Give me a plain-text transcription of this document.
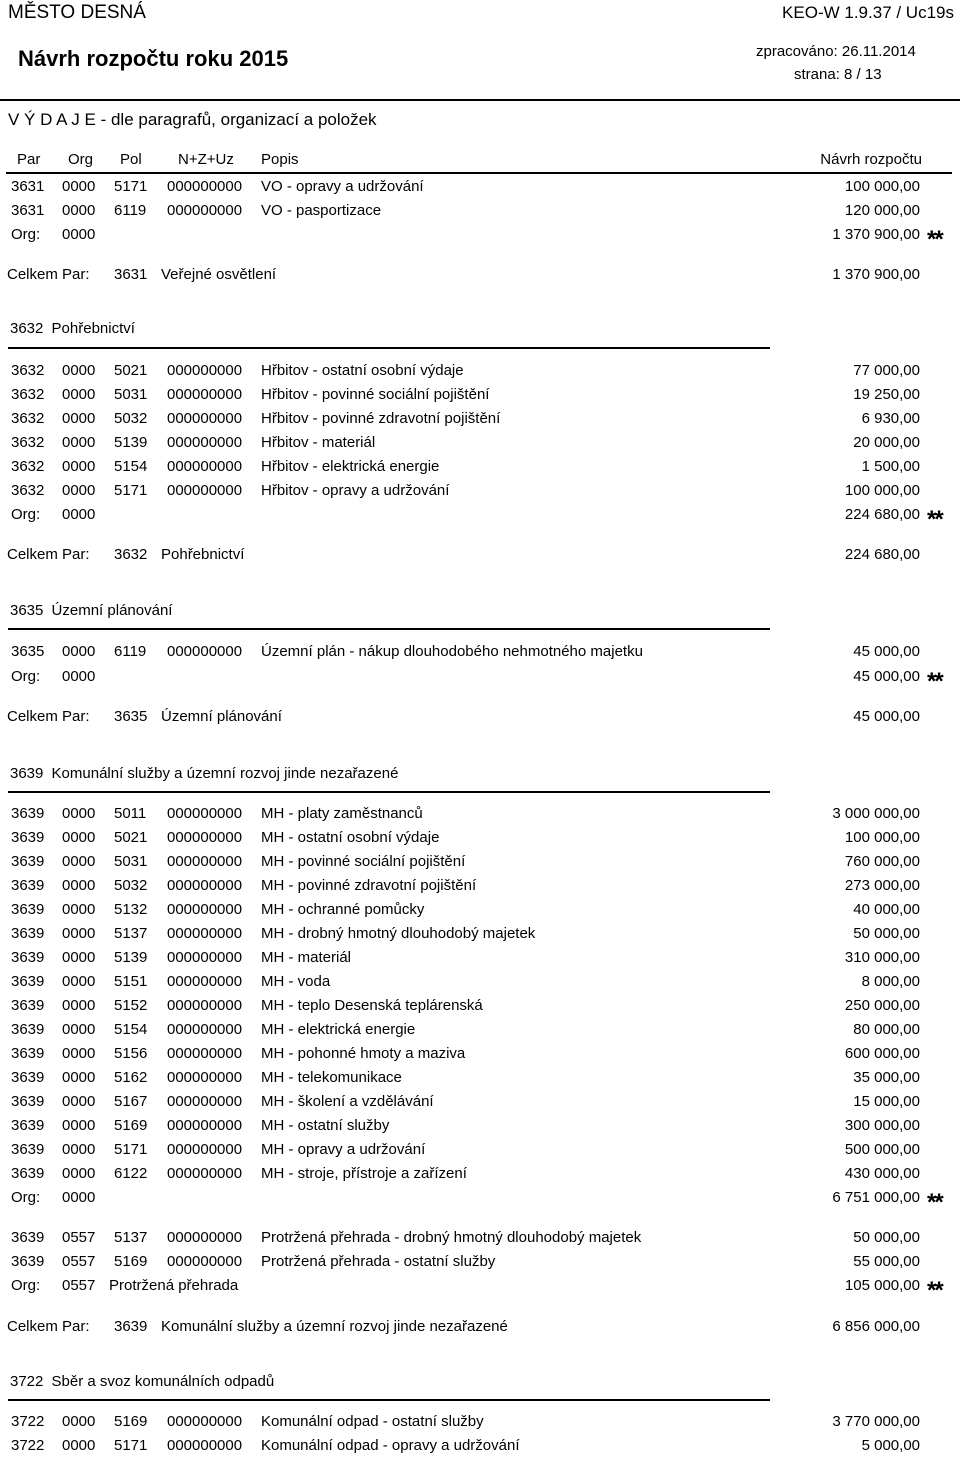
MĚSTO DESNÁ	KEO-W 1.9.37 / Uc19s
Návrh rozpočtu roku 2015	zpracováno: 26.11.2014
strana: 8 / 13
V Ý D A J E - dle paragrafů, organizací a položek
Par Org Pol N+Z+Uz Popis	Návrh rozpočtu
3631 0000 5171 000000000 VO - opravy a udržování	100 000,00
3631 0000 6119 000000000 VO - pasportizace	120 000,00
Org: 0000	1 370 900,00 **
Celkem Par: 3631 Veřejné osvětlení	1 370 900,00
3632 Pohřebnictví
3632 0000 5021 000000000 Hřbitov - ostatní osobní výdaje	77 000,00
3632 0000 5031 000000000 Hřbitov - povinné sociální pojištění	19 250,00
3632 0000 5032 000000000 Hřbitov - povinné zdravotní pojištění	6 930,00
3632 0000 5139 000000000 Hřbitov - materiál	20 000,00
3632 0000 5154 000000000 Hřbitov - elektrická energie	1 500,00
3632 0000 5171 000000000 Hřbitov - opravy a udržování	100 000,00
Org: 0000	224 680,00 **
Celkem Par: 3632 Pohřebnictví	224 680,00
3635 Územní plánování
3635 0000 6119 000000000 Územní plán - nákup dlouhodobého nehmotného majetku	45 000,00
Org: 0000	45 000,00 **
Celkem Par: 3635 Územní plánování	45 000,00
3639 Komunální služby a územní rozvoj jinde nezařazené
3639 0000 5011 000000000 MH - platy zaměstnanců	3 000 000,00
3639 0000 5021 000000000 MH - ostatní osobní výdaje	100 000,00
3639 0000 5031 000000000 MH - povinné sociální pojištění	760 000,00
3639 0000 5032 000000000 MH - povinné zdravotní pojištění	273 000,00
3639 0000 5132 000000000 MH - ochranné pomůcky	40 000,00
3639 0000 5137 000000000 MH - drobný hmotný dlouhodobý majetek	50 000,00
3639 0000 5139 000000000 MH - materiál	310 000,00
3639 0000 5151 000000000 MH - voda	8 000,00
3639 0000 5152 000000000 MH - teplo Desenská teplárenská	250 000,00
3639 0000 5154 000000000 MH - elektrická energie	80 000,00
3639 0000 5156 000000000 MH - pohonné hmoty a maziva	600 000,00
3639 0000 5162 000000000 MH - telekomunikace	35 000,00
3639 0000 5167 000000000 MH - školení a vzdělávání	15 000,00
3639 0000 5169 000000000 MH - ostatní služby	300 000,00
3639 0000 5171 000000000 MH - opravy a udržování	500 000,00
3639 0000 6122 000000000 MH - stroje, přístroje a zařízení	430 000,00
Org: 0000	6 751 000,00 **
3639 0557 5137 000000000 Protržená přehrada - drobný hmotný dlouhodobý majetek	50 000,00
3639 0557 5169 000000000 Protržená přehrada - ostatní služby	55 000,00
Org: 0557 Protržená přehrada	105 000,00 **
Celkem Par: 3639 Komunální služby a územní rozvoj jinde nezařazené	6 856 000,00
3722 Sběr a svoz komunálních odpadů
3722 0000 5169 000000000 Komunální odpad - ostatní služby	3 770 000,00
3722 0000 5171 000000000 Komunální odpad - opravy a udržování	5 000,00
